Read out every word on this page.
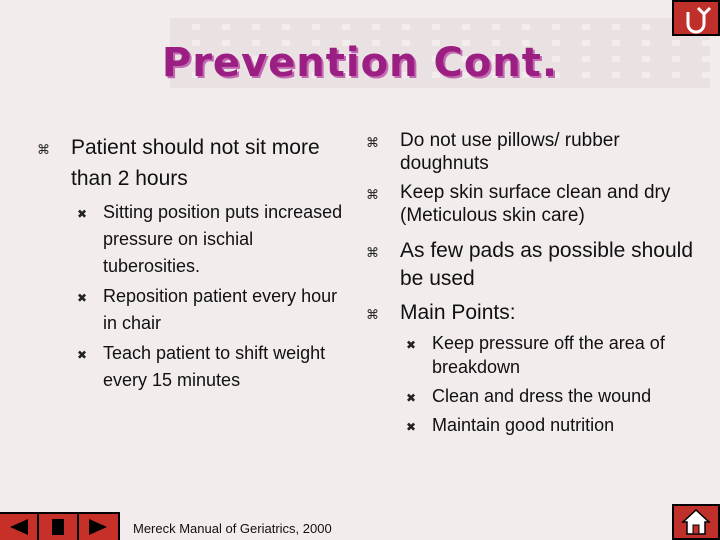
Prevention Cont.
⌘ Patient should not sit more than 2 hours
✖ Sitting position puts increased pressure on ischial tuberosities.
✖ Reposition patient every hour in chair
✖ Teach patient to shift weight every 15 minutes
⌘ Do not use pillows/ rubber doughnuts
⌘ Keep skin surface clean and dry (Meticulous skin care)
⌘ As few pads as possible should be used
⌘ Main Points:
✖ Keep pressure off the area of breakdown
✖ Clean and dress the wound
✖ Maintain good nutrition
Mereck Manual of Geriatrics, 2000
